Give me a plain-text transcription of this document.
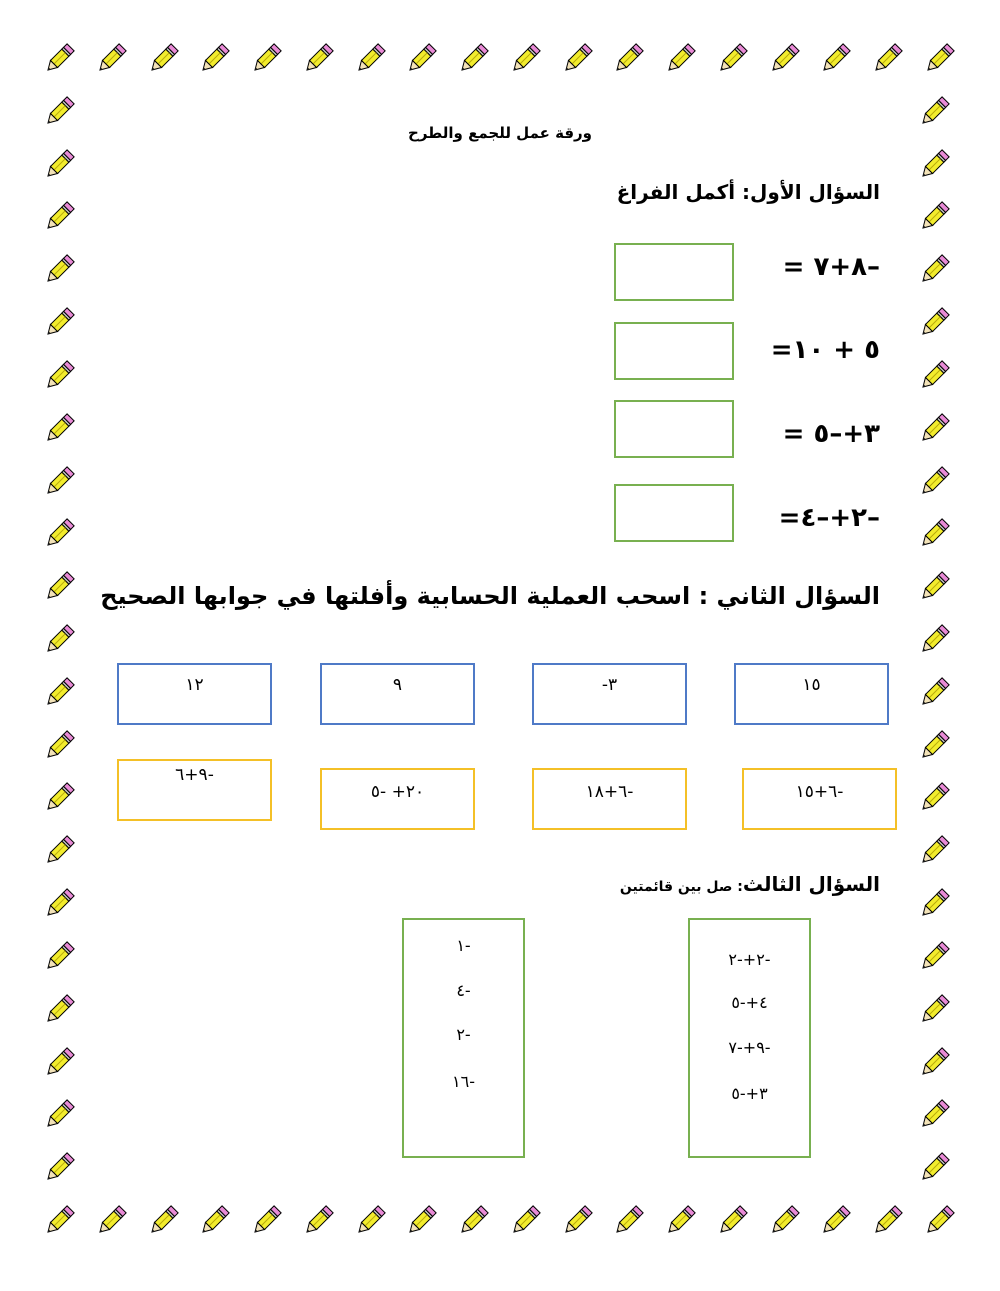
ورقة عمل للجمع والطرح
السؤال الأول: أكمل الفراغ
–٨+٧ =
٥ + ١٠=
٣+–٥ =
–٢+–٤=
السؤال الثاني : اسحب العملية الحسابية وأفلتها في جوابها الصحيح
١٥
٣-
٩
١٢
-٦+١٥
-٦+١٨
٢٠+ -٥
-٩+٦
السؤال الثالث: صل بين قائمتين
-٢+-٢
٤+-٥
-٩+-٧
٣+-٥
-١
-٤
-٢
-١٦
